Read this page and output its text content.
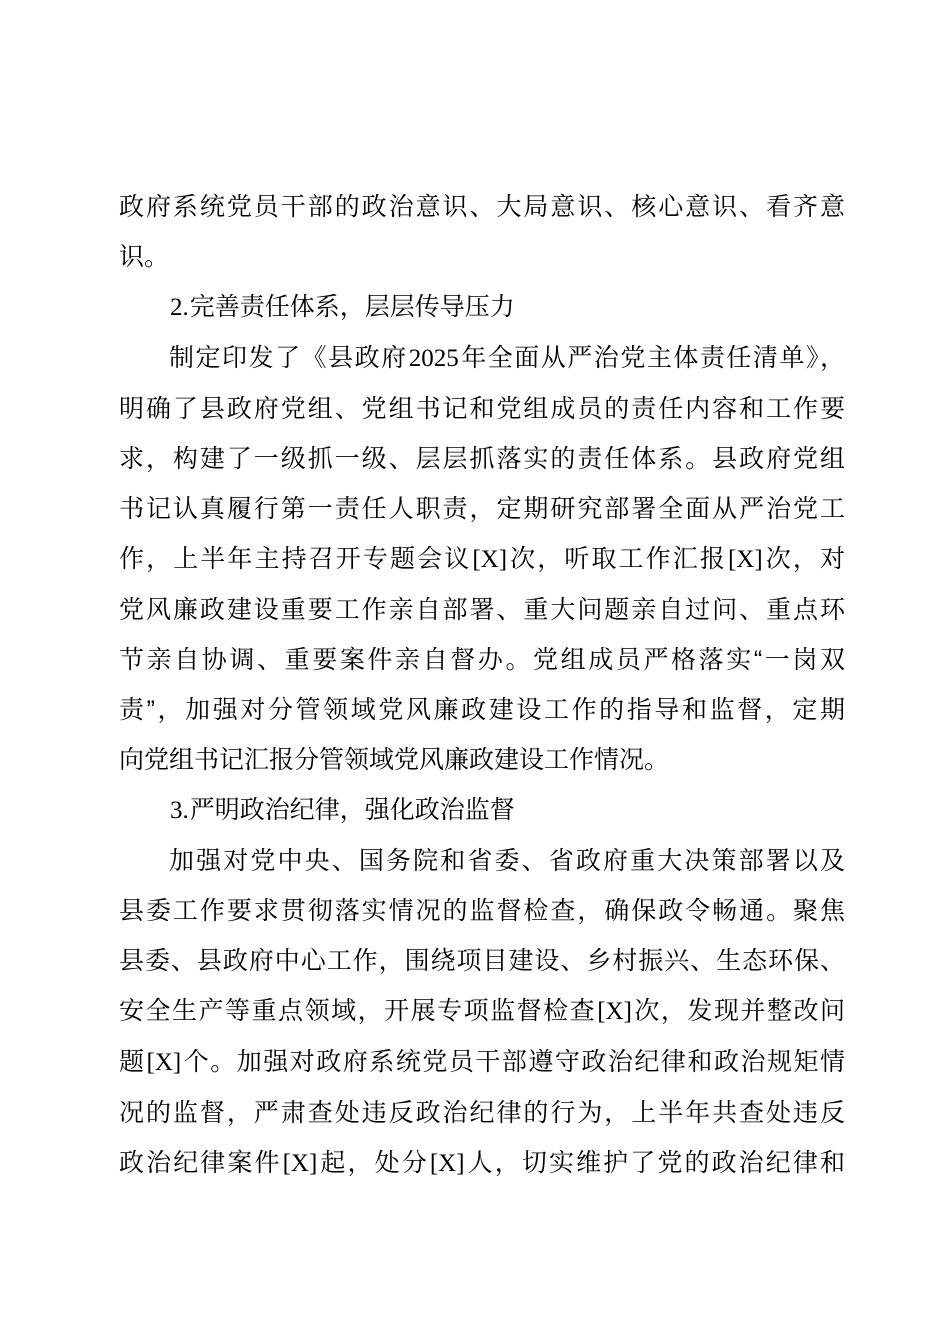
政府系统党员干部的政治意识、大局意识、核心意识、看齐意
识。
2.完善责任体系，层层传导压力
制定印发了《县政府2025年全面从严治党主体责任清单》，
明确了县政府党组、党组书记和党组成员的责任内容和工作要
求，构建了一级抓一级、层层抓落实的责任体系。县政府党组
书记认真履行第一责任人职责，定期研究部署全面从严治党工
作，上半年主持召开专题会议[X]次，听取工作汇报[X]次，对
党风廉政建设重要工作亲自部署、重大问题亲自过问、重点环
节亲自协调、重要案件亲自督办。党组成员严格落实“一岗双
责”，加强对分管领域党风廉政建设工作的指导和监督，定期
向党组书记汇报分管领域党风廉政建设工作情况。
3.严明政治纪律，强化政治监督
加强对党中央、国务院和省委、省政府重大决策部署以及
县委工作要求贯彻落实情况的监督检查，确保政令畅通。聚焦
县委、县政府中心工作，围绕项目建设、乡村振兴、生态环保、
安全生产等重点领域，开展专项监督检查[X]次，发现并整改问
题[X]个。加强对政府系统党员干部遵守政治纪律和政治规矩情
况的监督，严肃查处违反政治纪律的行为，上半年共查处违反
政治纪律案件[X]起，处分[X]人，切实维护了党的政治纪律和
